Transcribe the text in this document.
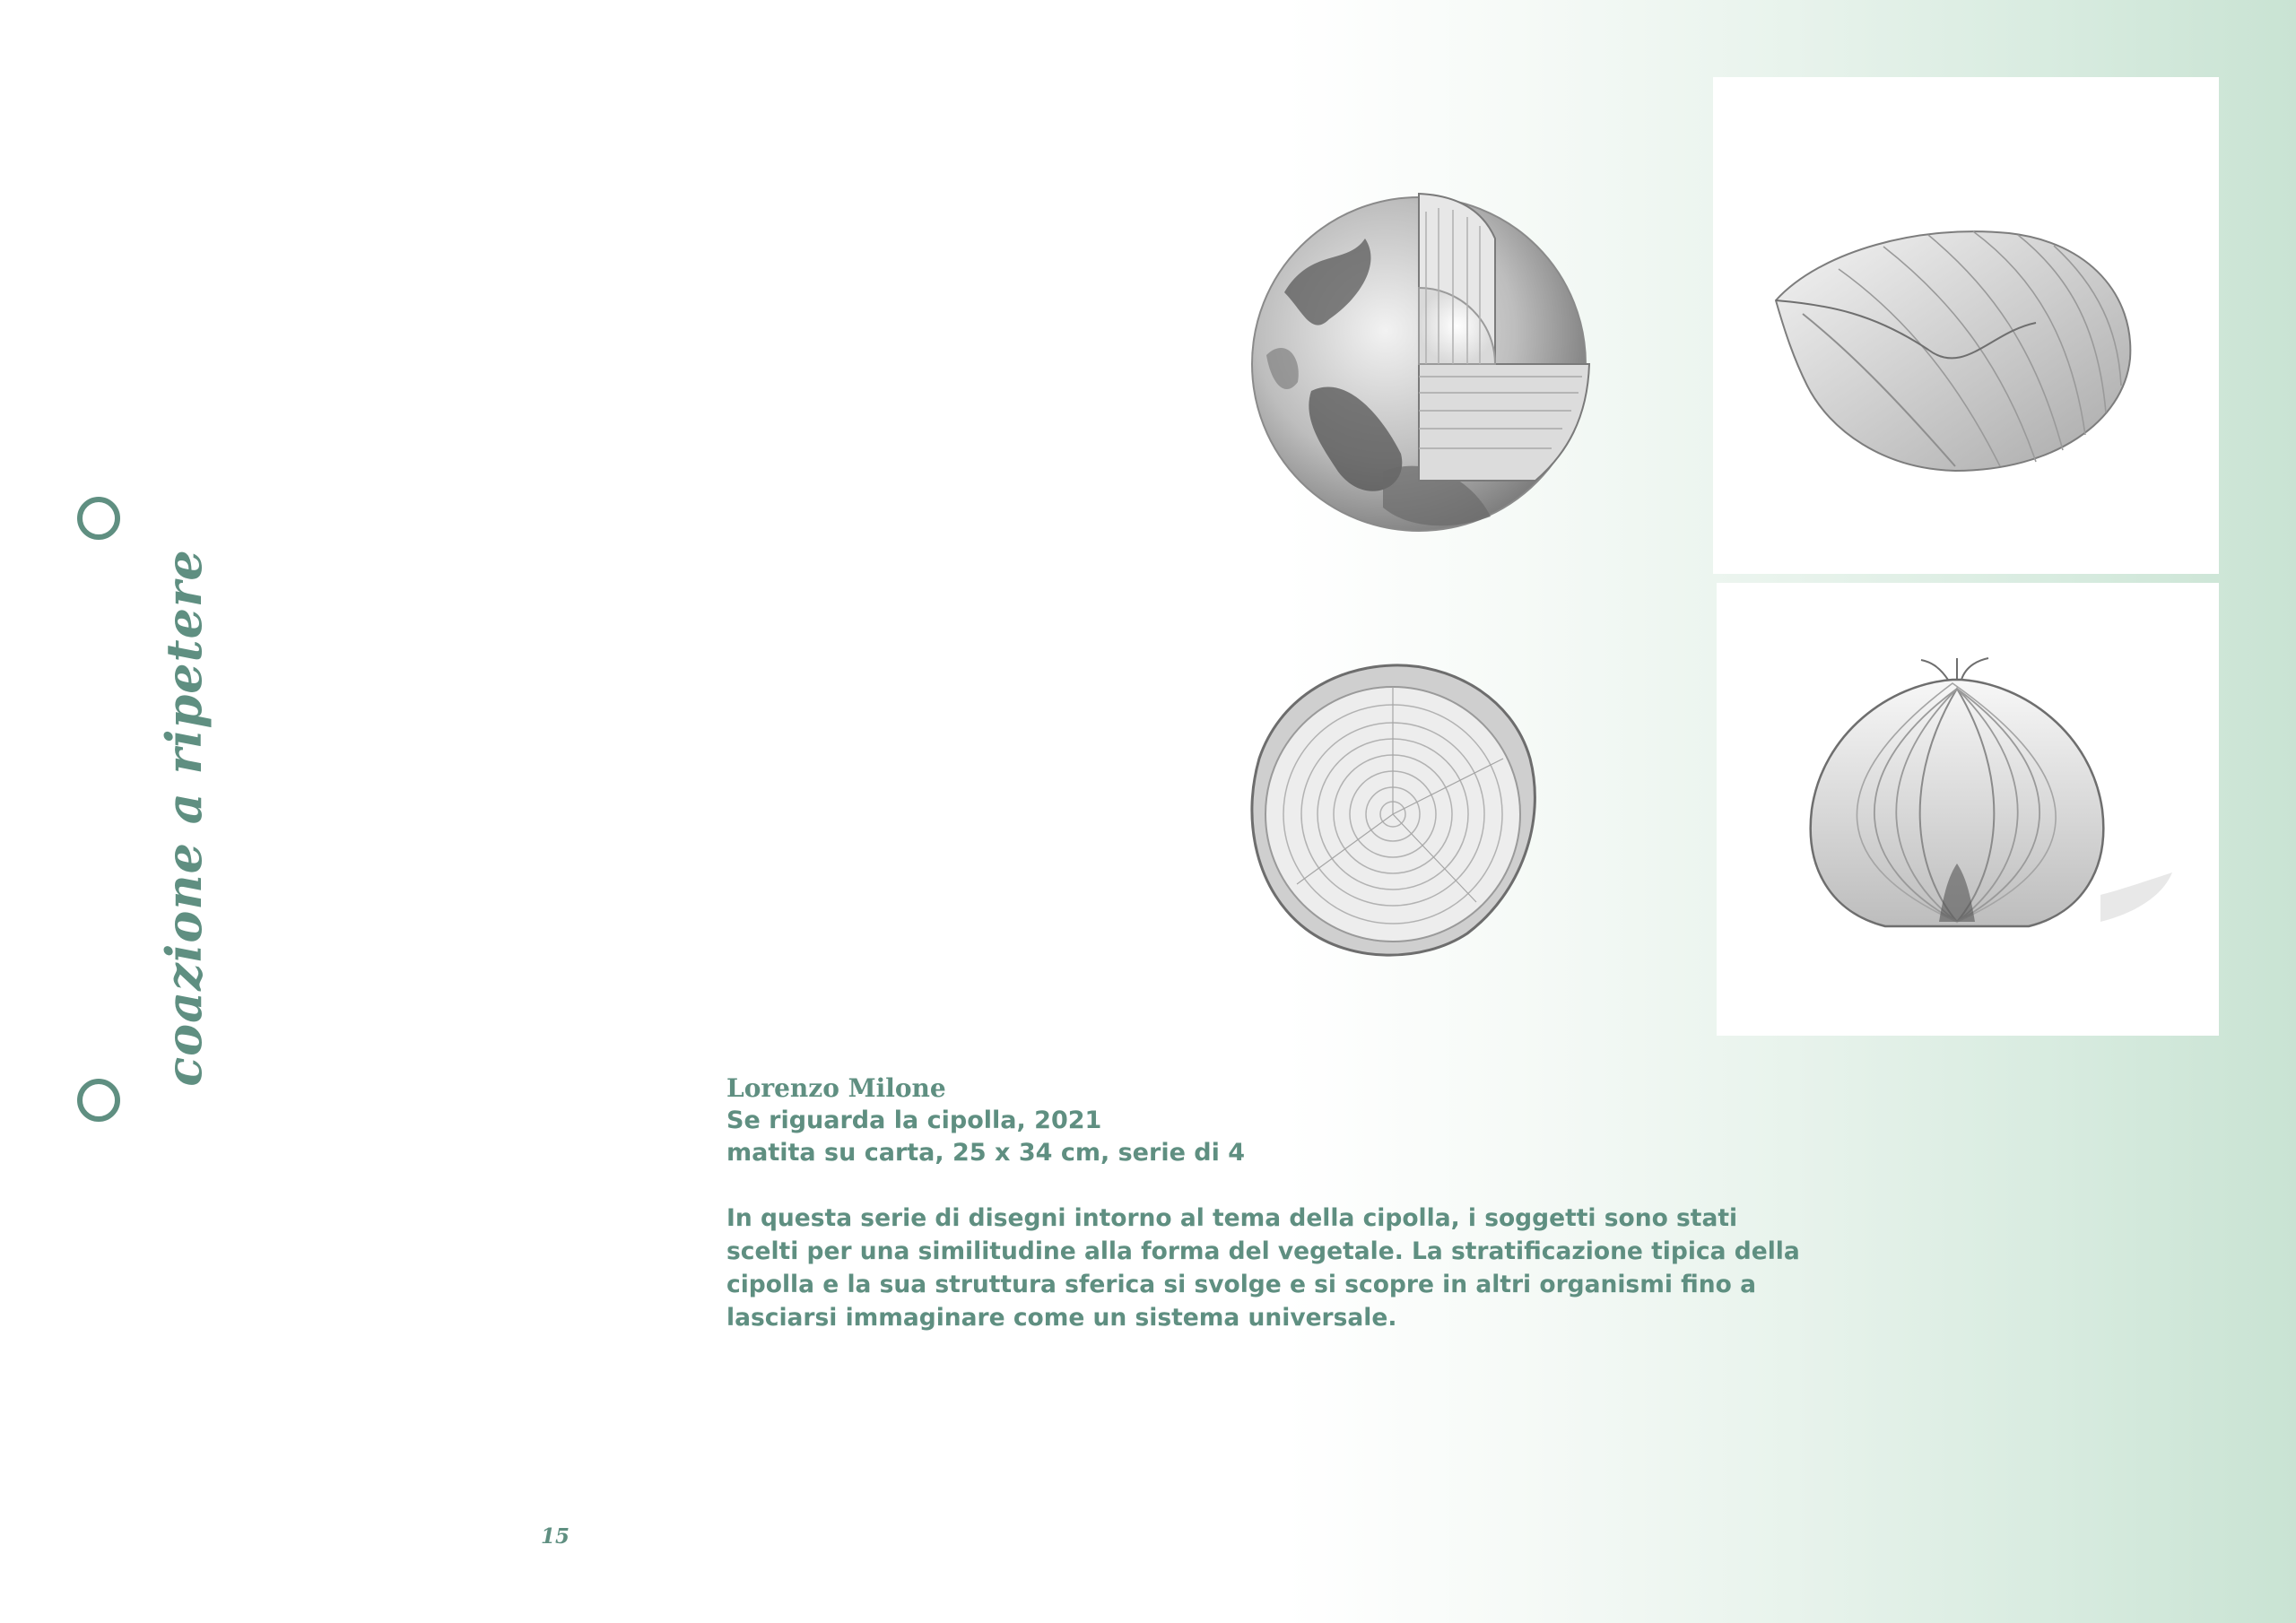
coazione a ripetere
Lorenzo Milone
Se riguarda la cipolla, 2021
matita su carta, 25 x 34 cm, serie di 4
In questa serie di disegni intorno al tema della cipolla, i soggetti sono stati scelti per una similitudine alla forma del vegetale. La stratificazione tipica della cipolla e la sua struttura sferica si svolge e si scopre in altri organismi fino a lasciarsi immaginare come un sistema universale.
15
